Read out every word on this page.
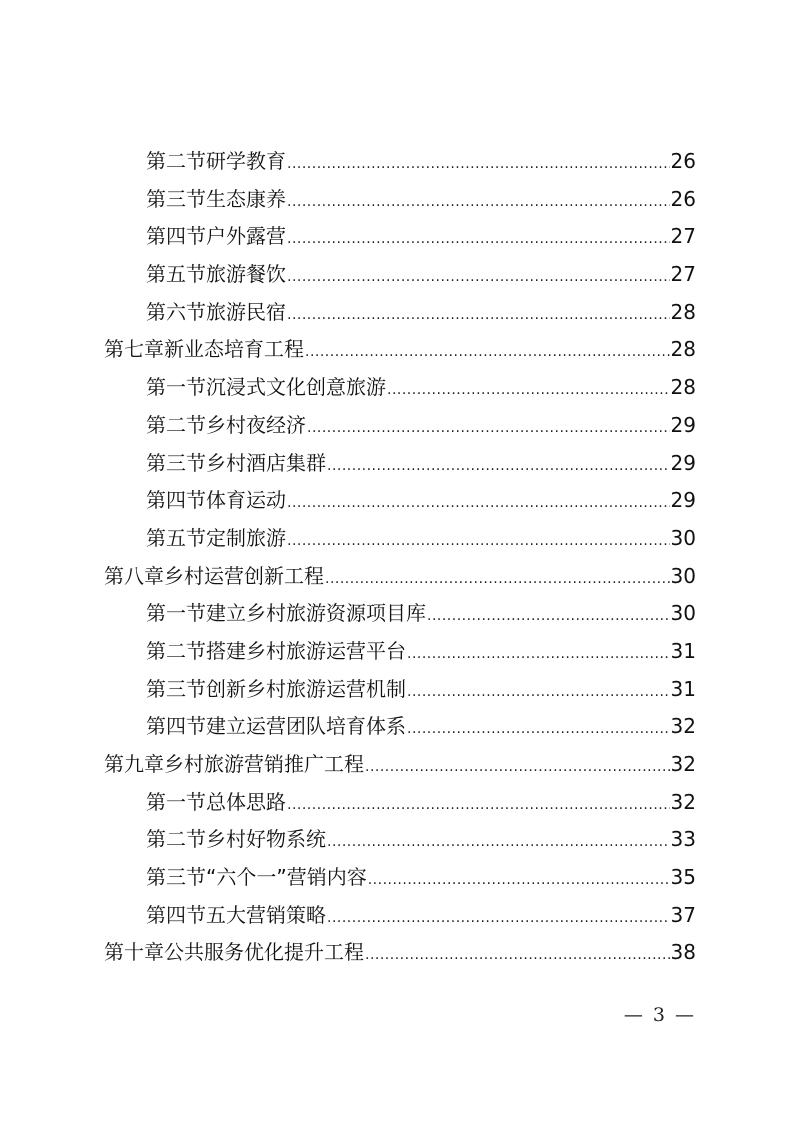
第二节 研学教育 .....	26
第三节 生态康养 .....	26
第四节 户外露营 .....	27
第五节 旅游餐饮 .....	27
第六节 旅游民宿 .....	28
第七章 新业态培育工程 .....	28
第一节 沉浸式文化创意旅游 .....	28
第二节 乡村夜经济 .....	29
第三节 乡村酒店集群 .....	29
第四节 体育运动 .....	29
第五节 定制旅游 .....	30
第八章 乡村运营创新工程 .....	30
第一节 建立乡村旅游资源项目库 .....	30
第二节 搭建乡村旅游运营平台 .....	31
第三节 创新乡村旅游运营机制 .....	31
第四节 建立运营团队培育体系 .....	32
第九章 乡村旅游营销推广工程 .....	32
第一节 总体思路 .....	32
第二节 乡村好物系统 .....	33
第三节 “六个一”营销内容 .....	35
第四节 五大营销策略 .....	37
第十章 公共服务优化提升工程 .....	38
— 3 —
